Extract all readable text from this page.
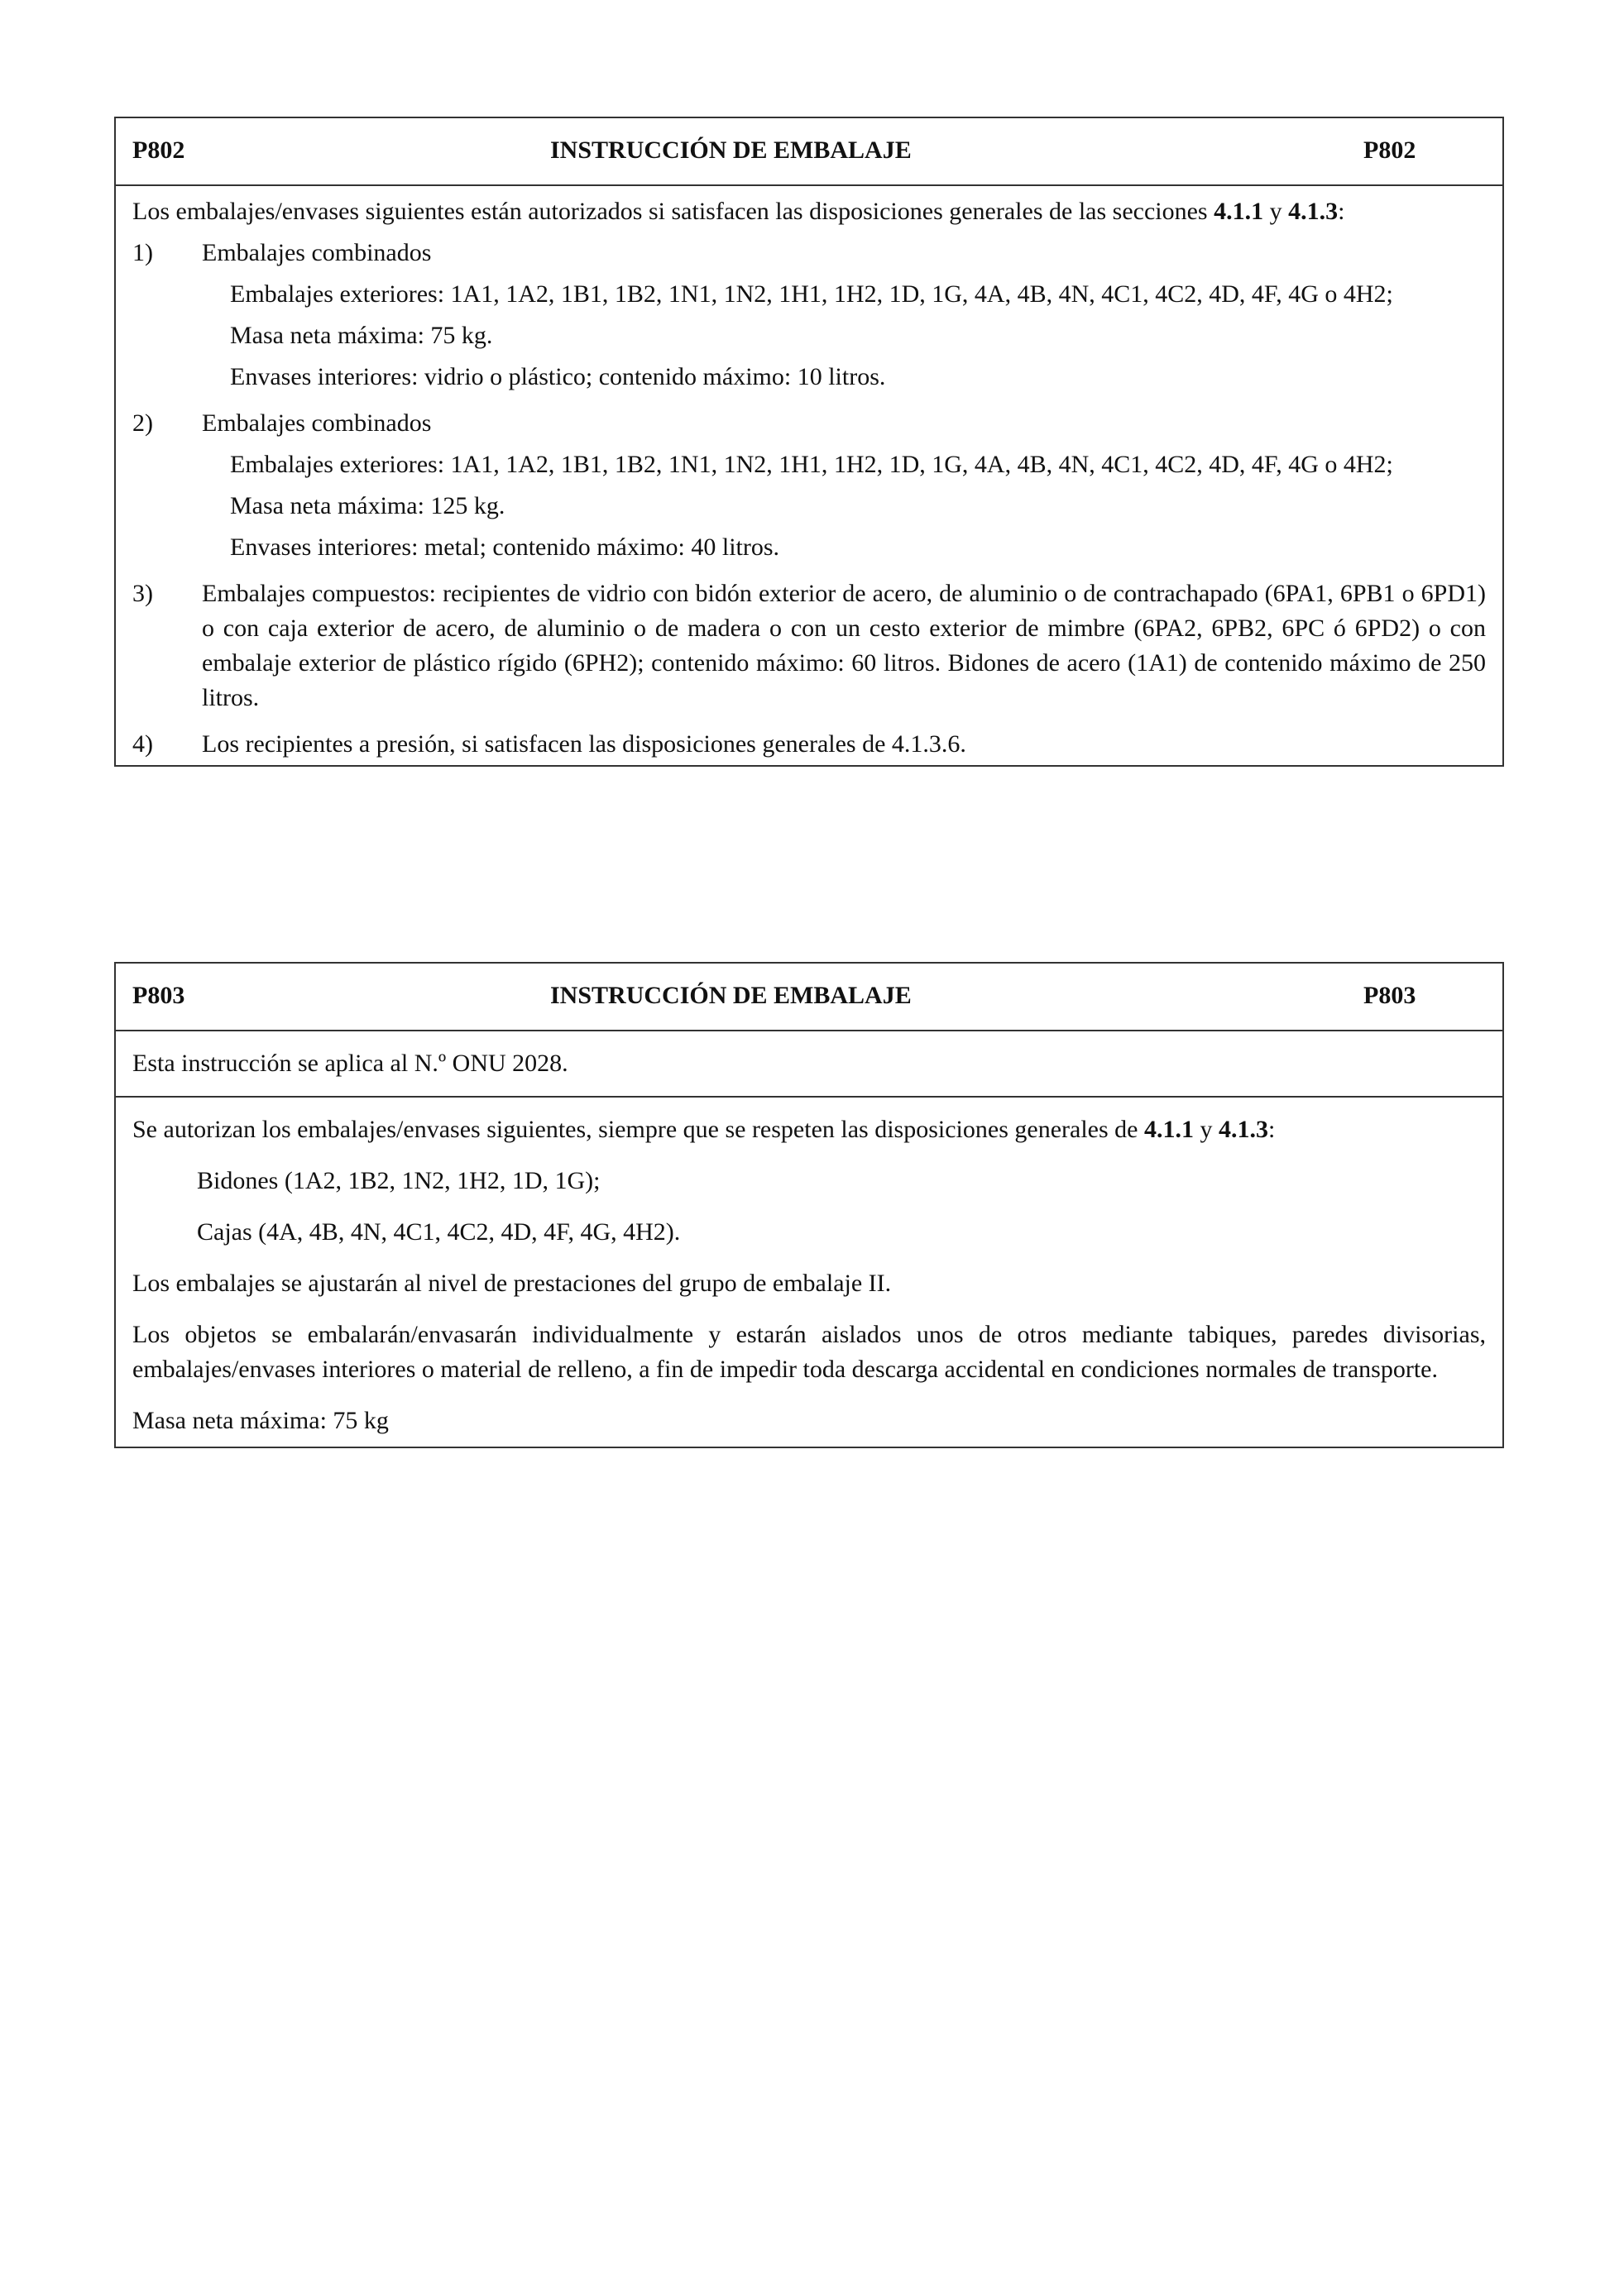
P802	INSTRUCCIÓN DE EMBALAJE	P802

Los embalajes/envases siguientes están autorizados si satisfacen las disposiciones generales de las secciones 4.1.1 y 4.1.3:

1) Embalajes combinados

Embalajes exteriores: 1A1, 1A2, 1B1, 1B2, 1N1, 1N2, 1H1, 1H2, 1D, 1G, 4A, 4B, 4N, 4C1, 4C2, 4D, 4F, 4G o 4H2;

Masa neta máxima: 75 kg.

Envases interiores: vidrio o plástico; contenido máximo: 10 litros.

2) Embalajes combinados

Embalajes exteriores: 1A1, 1A2, 1B1, 1B2, 1N1, 1N2, 1H1, 1H2, 1D, 1G, 4A, 4B, 4N, 4C1, 4C2, 4D, 4F, 4G o 4H2;

Masa neta máxima: 125 kg.

Envases interiores: metal; contenido máximo: 40 litros.

3) Embalajes compuestos: recipientes de vidrio con bidón exterior de acero, de aluminio o de contrachapado (6PA1, 6PB1 o 6PD1) o con caja exterior de acero, de aluminio o de madera o con un cesto exterior de mimbre (6PA2, 6PB2, 6PC ó 6PD2) o con embalaje exterior de plástico rígido (6PH2); contenido máximo: 60 litros. Bidones de acero (1A1) de contenido máximo de 250 litros.

4) Los recipientes a presión, si satisfacen las disposiciones generales de 4.1.3.6.

P803	INSTRUCCIÓN DE EMBALAJE	P803

Esta instrucción se aplica al N.º ONU 2028.

Se autorizan los embalajes/envases siguientes, siempre que se respeten las disposiciones generales de 4.1.1 y 4.1.3:

Bidones (1A2, 1B2, 1N2, 1H2, 1D, 1G);

Cajas (4A, 4B, 4N, 4C1, 4C2, 4D, 4F, 4G, 4H2).

Los embalajes se ajustarán al nivel de prestaciones del grupo de embalaje II.

Los objetos se embalarán/envasarán individualmente y estarán aislados unos de otros mediante tabiques, paredes divisorias, embalajes/envases interiores o material de relleno, a fin de impedir toda descarga accidental en condiciones normales de transporte.

Masa neta máxima: 75 kg
